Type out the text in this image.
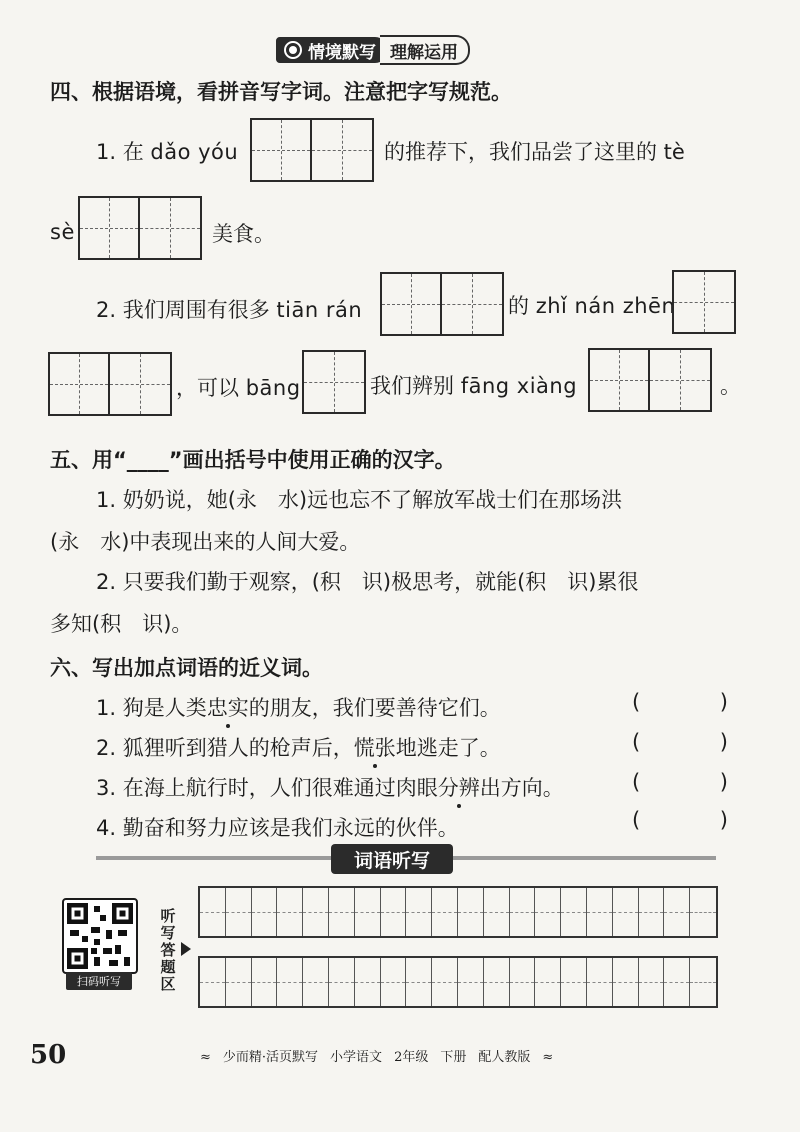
情境默写 理解运用
四、根据语境，看拼音写字词。注意把字写规范。
1. 在 dǎo yóu	的推荐下，我们品尝了这里的 tè
sè	美食。
2. 我们周围有很多 tiān rán	的 zhǐ nán zhēn
，可以 bāng	我们辨别 fāng xiàng	。
五、用“____”画出括号中使用正确的汉字。
1. 奶奶说，她(永　水)远也忘不了解放军战士们在那场洪
(永　水)中表现出来的人间大爱。
2. 只要我们勤于观察，(积　识)极思考，就能(积　识)累很
多知(积　识)。
六、写出加点词语的近义词。
1. 狗是人类忠实的朋友，我们要善待它们。	(	)
2. 狐狸听到猎人的枪声后，慌张地逃走了。	(	)
3. 在海上航行时，人们很难通过肉眼分辨出方向。	(	)
4. 勤奋和努力应该是我们永远的伙伴。	(	)
词语听写
扫码听写
听写答题区
50	≈ 少而精·活页默写 小学语文 2年级 下册 配人教版 ≈
